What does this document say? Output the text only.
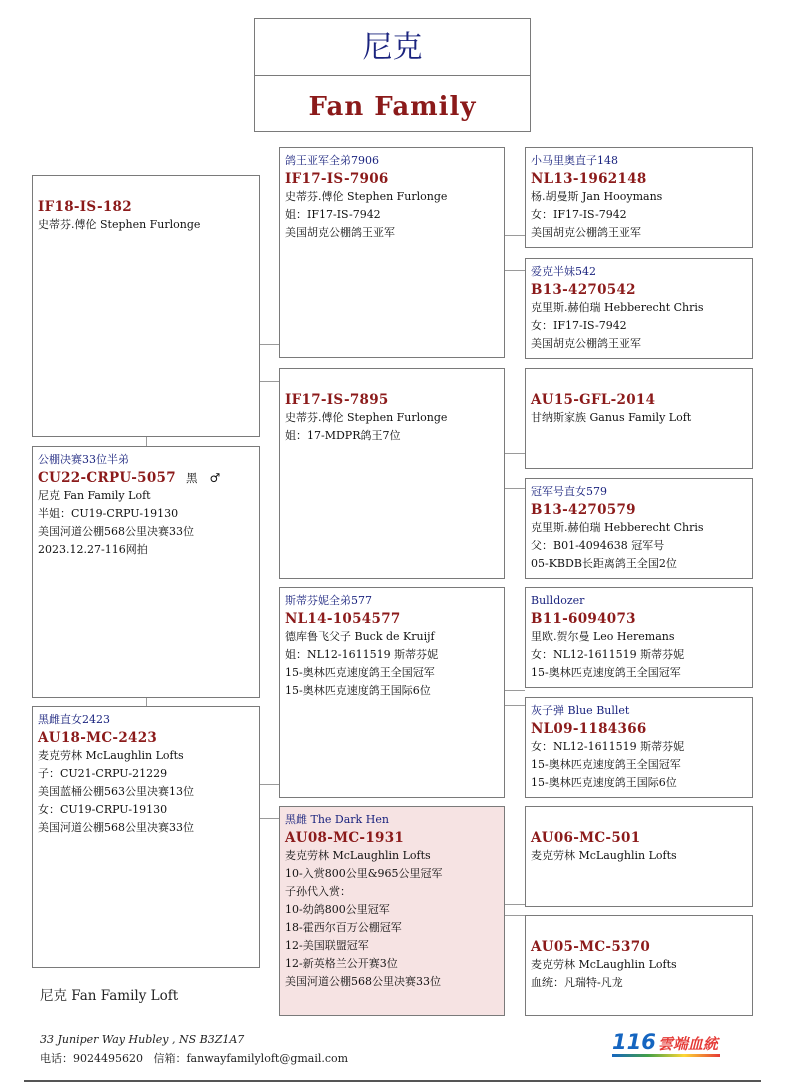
尼克
Fan Family
IF18-IS-182
史蒂芬.傅伦 Stephen Furlonge
公棚决赛33位半弟
CU22-CRPU-5057 黑 ♂
尼克 Fan Family Loft
半姐：CU19-CRPU-19130
美国河道公棚568公里决赛33位
2023.12.27-116网拍
黑雌直女2423
AU18-MC-2423
麦克劳林 McLaughlin Lofts
子：CU21-CRPU-21229
美国蓝桶公棚563公里决赛13位
女：CU19-CRPU-19130
美国河道公棚568公里决赛33位
鸽王亚军全弟7906
IF17-IS-7906
史蒂芬.傅伦 Stephen Furlonge
姐：IF17-IS-7942
美国胡克公棚鸽王亚军
IF17-IS-7895
史蒂芬.傅伦 Stephen Furlonge
姐：17-MDPR鸽王7位
斯蒂芬妮全弟577
NL14-1054577
德库鲁飞父子 Buck de Kruijf
姐：NL12-1611519 斯蒂芬妮
15-奥林匹克速度鸽王全国冠军
15-奥林匹克速度鸽王国际6位
黑雌 The Dark Hen
AU08-MC-1931
麦克劳林 McLaughlin Lofts
10-入赏800公里&965公里冠军
子孙代入赏：
10-幼鸽800公里冠军
18-霍西尔百万公棚冠军
12-美国联盟冠军
12-新英格兰公开赛3位
美国河道公棚568公里决赛33位
小马里奥直子148
NL13-1962148
杨.胡曼斯 Jan Hooymans
女：IF17-IS-7942
美国胡克公棚鸽王亚军
爱克半妹542
B13-4270542
克里斯.赫伯瑞 Hebberecht Chris
女：IF17-IS-7942
美国胡克公棚鸽王亚军
AU15-GFL-2014
甘纳斯家族 Ganus Family Loft
冠军号直女579
B13-4270579
克里斯.赫伯瑞 Hebberecht Chris
父：B01-4094638 冠军号
05-KBDB长距离鸽王全国2位
Bulldozer
B11-6094073
里欧.贺尔曼 Leo Heremans
女：NL12-1611519 斯蒂芬妮
15-奥林匹克速度鸽王全国冠军
灰子弹 Blue Bullet
NL09-1184366
女：NL12-1611519 斯蒂芬妮
15-奥林匹克速度鸽王全国冠军
15-奥林匹克速度鸽王国际6位
AU06-MC-501
麦克劳林 McLaughlin Lofts
AU05-MC-5370
麦克劳林 McLaughlin Lofts
血统：凡瑞特-凡龙
尼克 Fan Family Loft
33 Juniper Way Hubley , NS B3Z1A7
电话：9024495620   信箱：fanwayfamilyloft@gmail.com
116 雲端血統
